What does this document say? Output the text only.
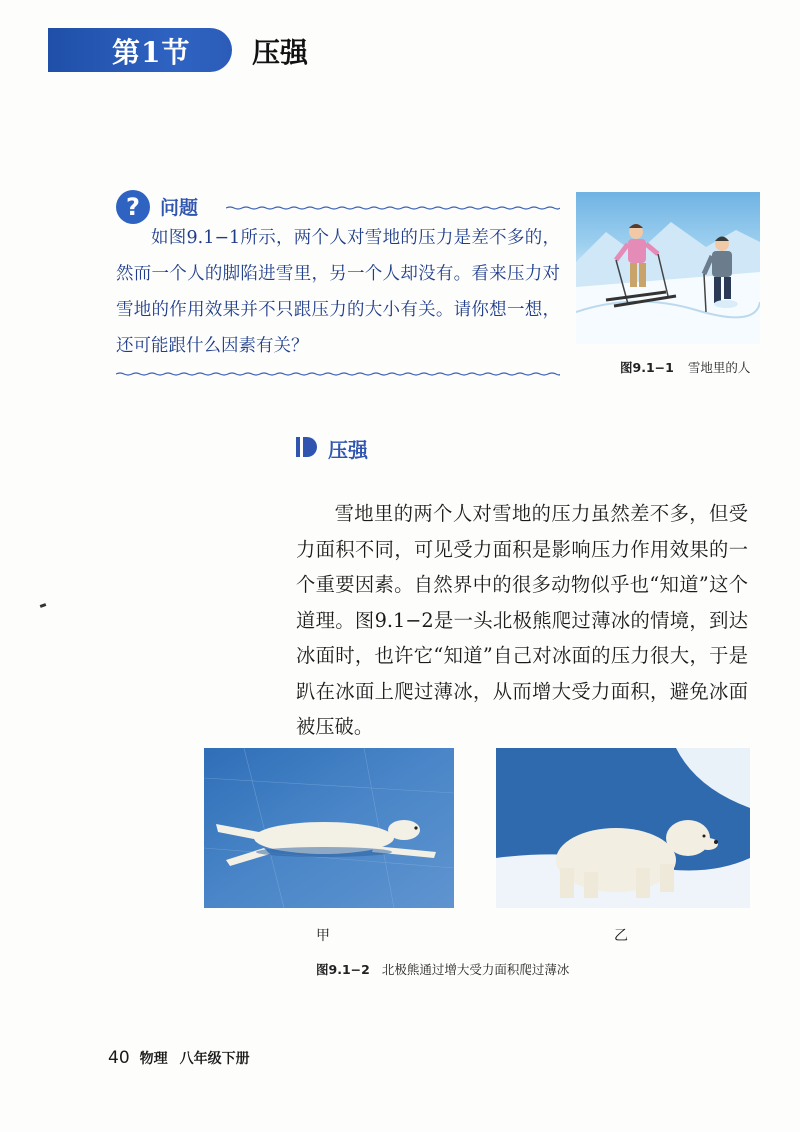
第1节 压强
?	问题

如图9.1−1所示，两个人对雪地的压力是差不多的，然而一个人的脚陷进雪里，另一个人却没有。看来压力对雪地的作用效果并不只跟压力的大小有关。请你想一想，还可能跟什么因素有关？

图9.1−1 雪地里的人
压强

雪地里的两个人对雪地的压力虽然差不多，但受力面积不同，可见受力面积是影响压力作用效果的一个重要因素。自然界中的很多动物似乎也“知道”这个道理。图9.1−2是一头北极熊爬过薄冰的情境，到达冰面时，也许它“知道”自己对冰面的压力很大，于是趴在冰面上爬过薄冰，从而增大受力面积，避免冰面被压破。

甲	乙
图9.1−2 北极熊通过增大受力面积爬过薄冰
40 物理 八年级下册
